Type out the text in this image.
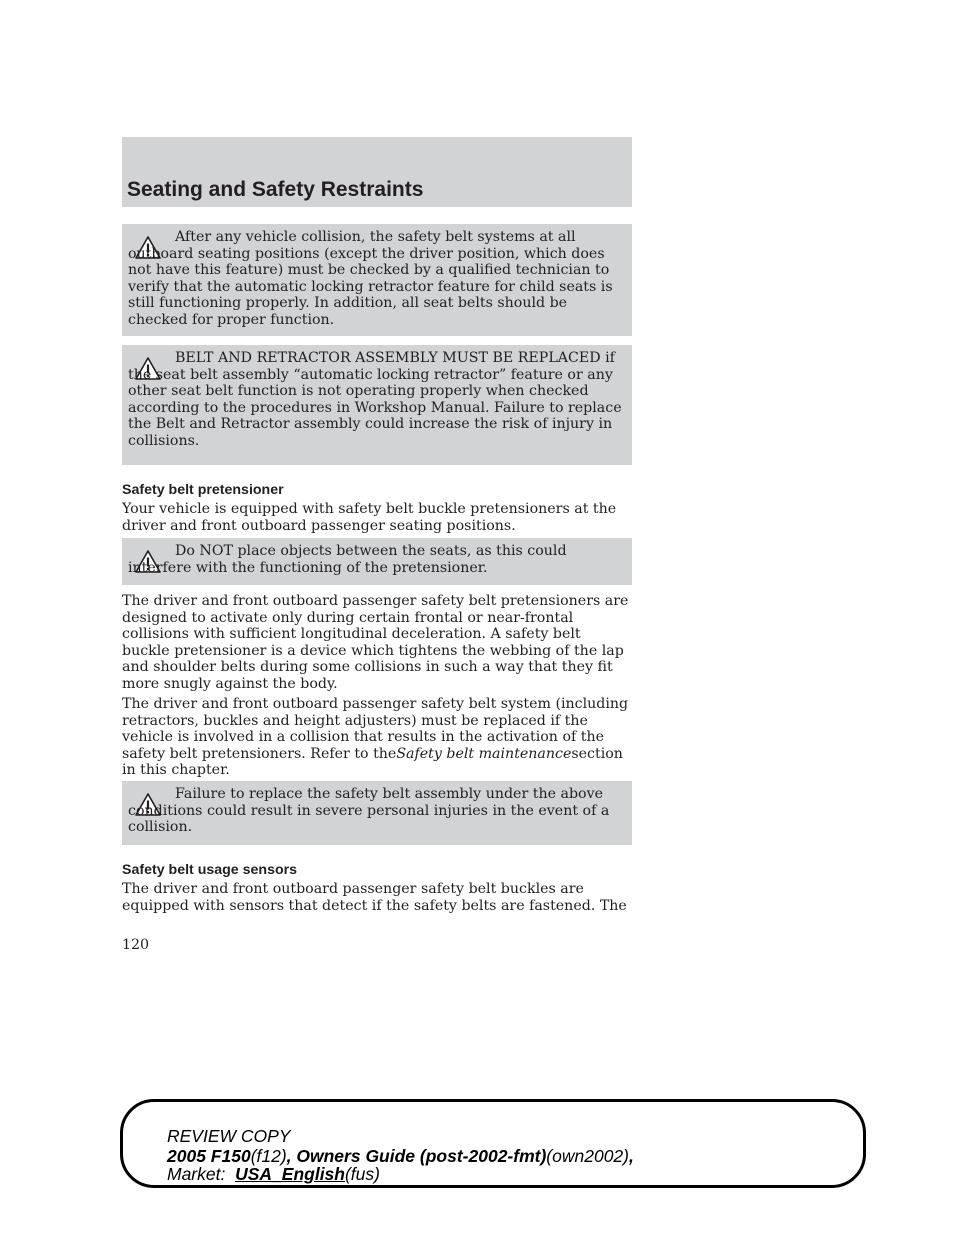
Seating and Safety Restraints
After any vehicle collision, the safety belt systems at all outboard seating positions (except the driver position, which does not have this feature) must be checked by a qualified technician to verify that the automatic locking retractor feature for child seats is still functioning properly. In addition, all seat belts should be checked for proper function.
BELT AND RETRACTOR ASSEMBLY MUST BE REPLACED if the seat belt assembly “automatic locking retractor” feature or any other seat belt function is not operating properly when checked according to the procedures in Workshop Manual. Failure to replace the Belt and Retractor assembly could increase the risk of injury in collisions.
Safety belt pretensioner
Your vehicle is equipped with safety belt buckle pretensioners at the driver and front outboard passenger seating positions.
Do NOT place objects between the seats, as this could interfere with the functioning of the pretensioner.
The driver and front outboard passenger safety belt pretensioners are designed to activate only during certain frontal or near-frontal collisions with sufficient longitudinal deceleration. A safety belt buckle pretensioner is a device which tightens the webbing of the lap and shoulder belts during some collisions in such a way that they fit more snugly against the body.
The driver and front outboard passenger safety belt system (including retractors, buckles and height adjusters) must be replaced if the vehicle is involved in a collision that results in the activation of the safety belt pretensioners. Refer to theSafety belt maintenancesection in this chapter.
Failure to replace the safety belt assembly under the above conditions could result in severe personal injuries in the event of a collision.
Safety belt usage sensors
The driver and front outboard passenger safety belt buckles are equipped with sensors that detect if the safety belts are fastened. The
120
REVIEW COPY
2005 F150(f12), Owners Guide (post-2002-fmt)(own2002),
Market: USA_English(fus)
